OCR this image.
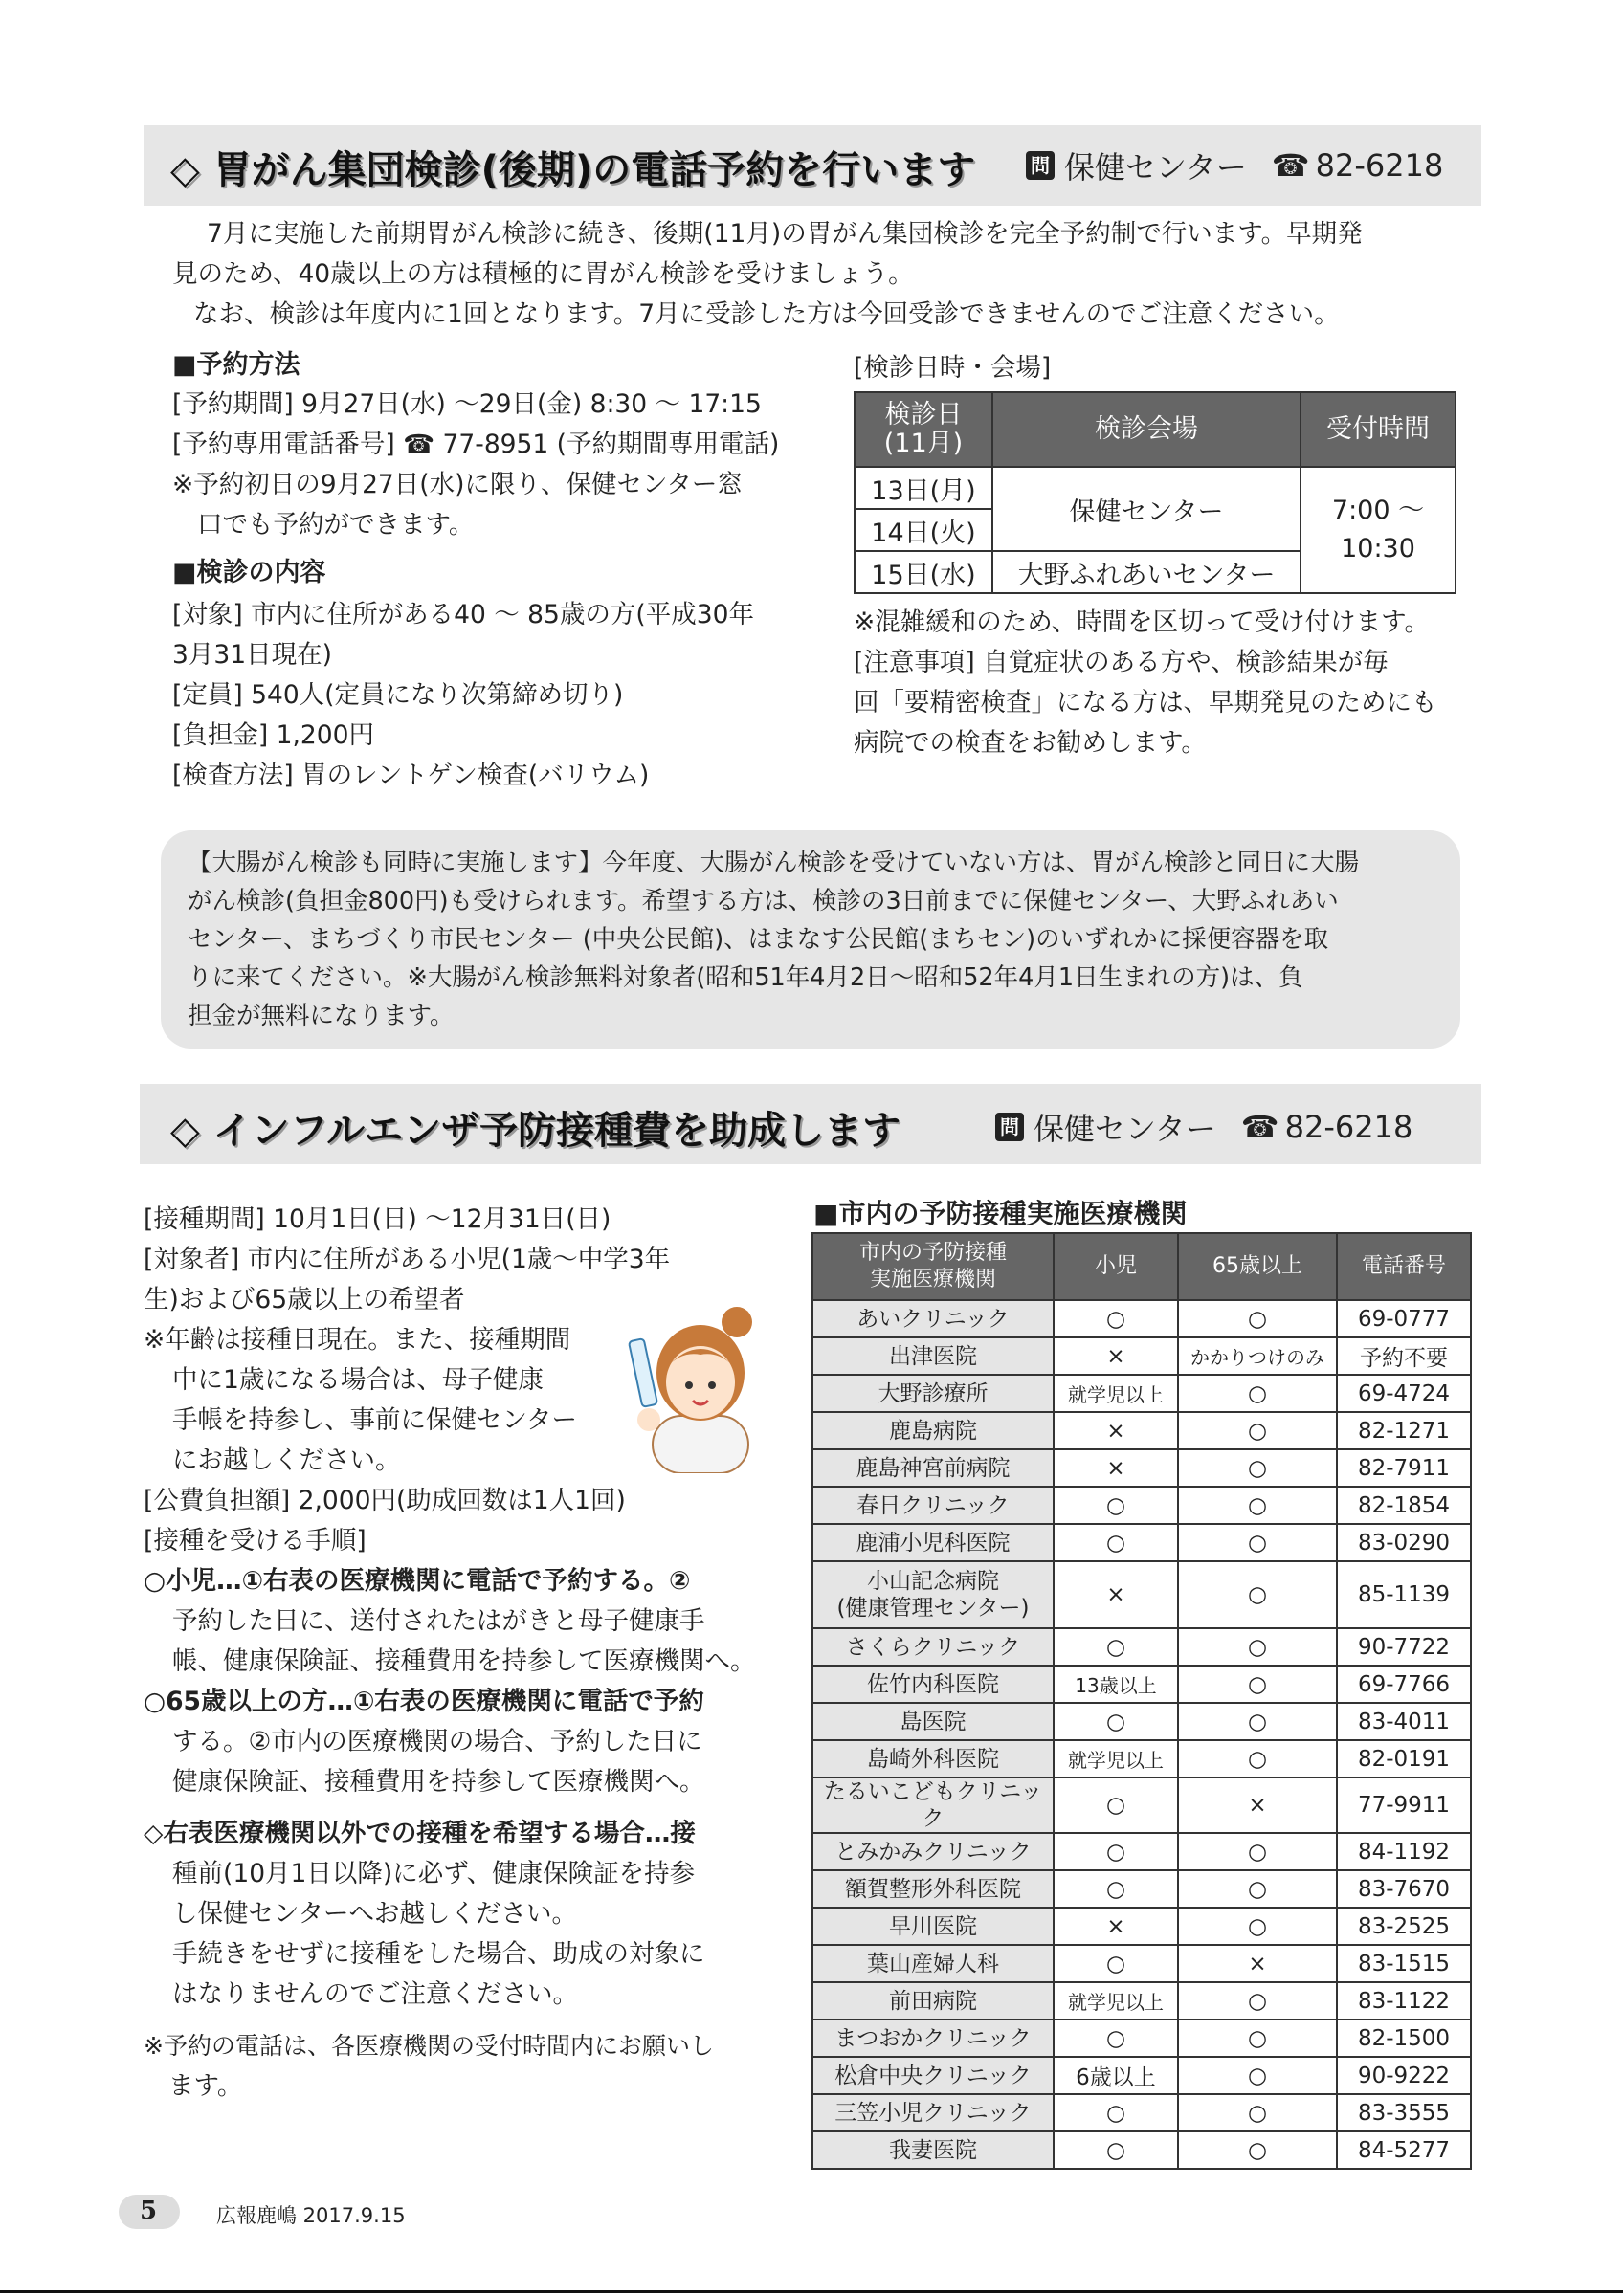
◇ 胃がん集団検診(後期)の電話予約を行います	問 保健センター ☎ 82-6218
7月に実施した前期胃がん検診に続き、後期(11月)の胃がん集団検診を完全予約制で行います。早期発
見のため、40歳以上の方は積極的に胃がん検診を受けましょう。
なお、検診は年度内に1回となります。7月に受診した方は今回受診できませんのでご注意ください。
■予約方法
[予約期間] 9月27日(水) ～29日(金) 8:30 ～ 17:15
[予約専用電話番号] ☎ 77-8951 (予約期間専用電話)
※予約初日の9月27日(水)に限り、保健センター窓
口でも予約ができます。
■検診の内容
[対象] 市内に住所がある40 ～ 85歳の方(平成30年
3月31日現在)
[定員] 540人(定員になり次第締め切り)
[負担金] 1,200円
[検査方法] 胃のレントゲン検査(バリウム)
[検診日時・会場]
検診日
(11月)	検診会場	受付時間
13日(月)	保健センター	7:00 ～
10:30
14日(火)		
15日(水)	大野ふれあいセンター	
※混雑緩和のため、時間を区切って受け付けます。
[注意事項] 自覚症状のある方や、検診結果が毎
回「要精密検査」になる方は、早期発見のためにも
病院での検査をお勧めします。
【大腸がん検診も同時に実施します】今年度、大腸がん検診を受けていない方は、胃がん検診と同日に大腸
がん検診(負担金800円)も受けられます。希望する方は、検診の3日前までに保健センター、大野ふれあい
センター、まちづくり市民センター (中央公民館)、はまなす公民館(まちセン)のいずれかに採便容器を取
りに来てください。※大腸がん検診無料対象者(昭和51年4月2日～昭和52年4月1日生まれの方)は、負
担金が無料になります。
◇ インフルエンザ予防接種費を助成します	問 保健センター ☎ 82-6218
[接種期間] 10月1日(日) ～12月31日(日)
[対象者] 市内に住所がある小児(1歳～中学3年
生)および65歳以上の希望者
※年齢は接種日現在。また、接種期間
中に1歳になる場合は、母子健康
手帳を持参し、事前に保健センター
にお越しください。
[公費負担額] 2,000円(助成回数は1人1回)
[接種を受ける手順]
○小児…①右表の医療機関に電話で予約する。②
予約した日に、送付されたはがきと母子健康手
帳、健康保険証、接種費用を持参して医療機関へ。
○65歳以上の方…①右表の医療機関に電話で予約
する。②市内の医療機関の場合、予約した日に
健康保険証、接種費用を持参して医療機関へ。
◇右表医療機関以外での接種を希望する場合…接
種前(10月1日以降)に必ず、健康保険証を持参
し保健センターへお越しください。
手続きをせずに接種をした場合、助成の対象に
はなりませんのでご注意ください。
※予約の電話は、各医療機関の受付時間内にお願いし
ます。
■市内の予防接種実施医療機関
市内の予防接種
実施医療機関	小児	65歳以上	電話番号
あいクリニック	○	○	69-0777
出津医院	×	かかりつけのみ	予約不要
大野診療所	就学児以上	○	69-4724
鹿島病院	×	○	82-1271
鹿島神宮前病院	×	○	82-7911
春日クリニック	○	○	82-1854
鹿浦小児科医院	○	○	83-0290
小山記念病院
(健康管理センター)	×	○	85-1139
さくらクリニック	○	○	90-7722
佐竹内科医院	13歳以上	○	69-7766
島医院	○	○	83-4011
島崎外科医院	就学児以上	○	82-0191
たるいこどもクリニック	○	×	77-9911
とみかみクリニック	○	○	84-1192
額賀整形外科医院	○	○	83-7670
早川医院	×	○	83-2525
葉山産婦人科	○	×	83-1515
前田病院	就学児以上	○	83-1122
まつおかクリニック	○	○	82-1500
松倉中央クリニック	6歳以上	○	90-9222
三笠小児クリニック	○	○	83-3555
我妻医院	○	○	84-5277
5	広報鹿嶋 2017.9.15
